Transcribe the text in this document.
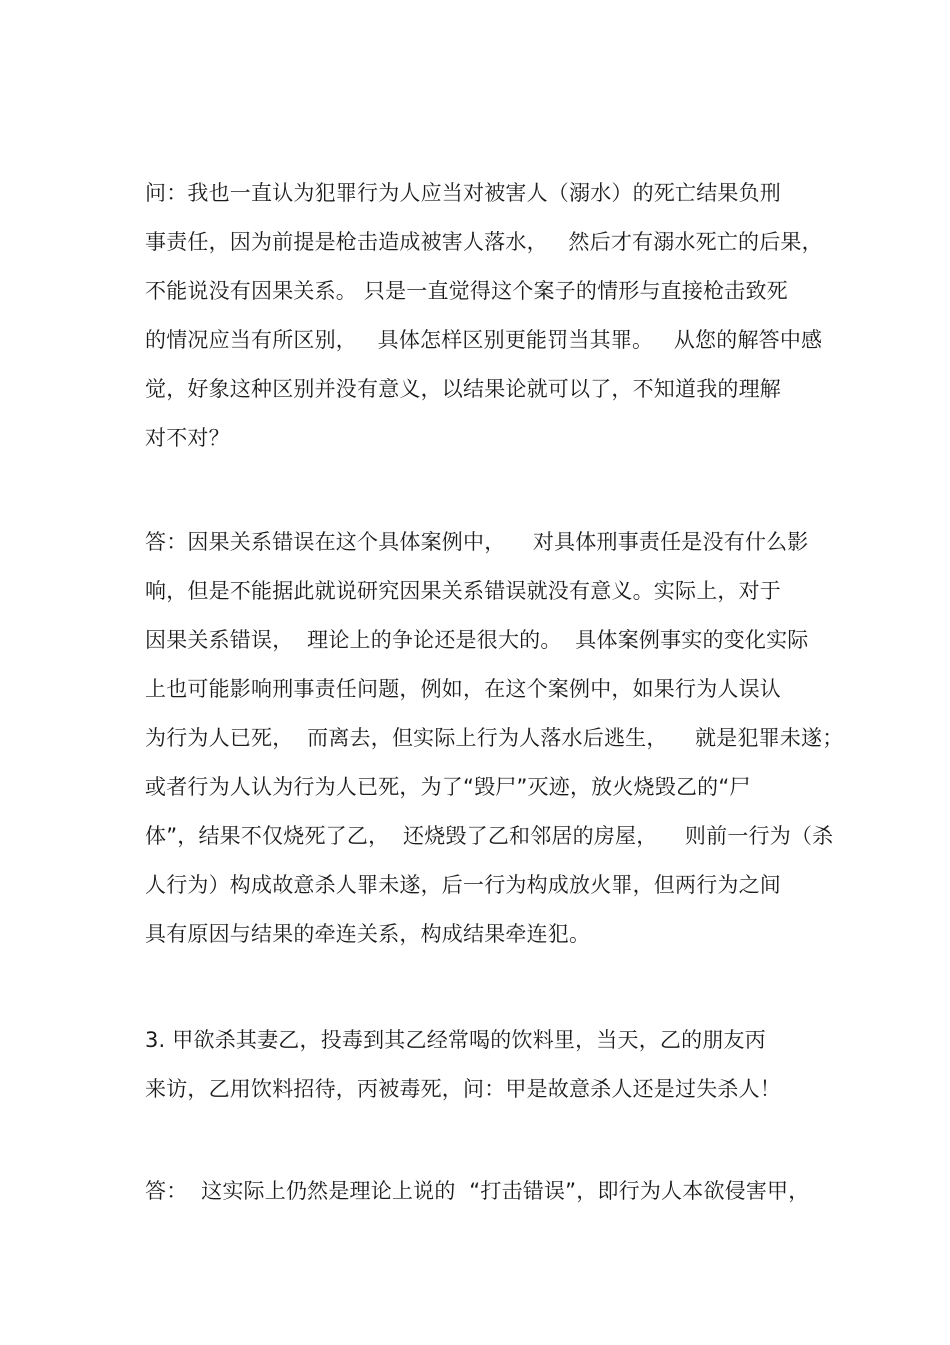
问：我也一直认为犯罪行为人应当对被害人（溺水）的死亡结果负刑
事责任，因为前提是枪击造成被害人落水，   然后才有溺水死亡的后果，
不能说没有因果关系。 只是一直觉得这个案子的情形与直接枪击致死
的情况应当有所区别，   具体怎样区别更能罚当其罪。   从您的解答中感
觉，好象这种区别并没有意义，以结果论就可以了，不知道我的理解
对不对？
答：因果关系错误在这个具体案例中，    对具体刑事责任是没有什么影
响，但是不能据此就说研究因果关系错误就没有意义。实际上，对于
因果关系错误，  理论上的争论还是很大的。  具体案例事实的变化实际
上也可能影响刑事责任问题，例如，在这个案例中，如果行为人误认
为行为人已死，  而离去，但实际上行为人落水后逃生，    就是犯罪未遂；
或者行为人认为行为人已死，为了“毁尸”灭迹，放火烧毁乙的“尸
体”，结果不仅烧死了乙，  还烧毁了乙和邻居的房屋，    则前一行为（杀
人行为）构成故意杀人罪未遂，后一行为构成放火罪，但两行为之间
具有原因与结果的牵连关系，构成结果牵连犯。
3. 甲欲杀其妻乙，投毒到其乙经常喝的饮料里，当天，乙的朋友丙
来访，乙用饮料招待，丙被毒死，问：甲是故意杀人还是过失杀人！
答：  这实际上仍然是理论上说的  “打击错误”，即行为人本欲侵害甲，
